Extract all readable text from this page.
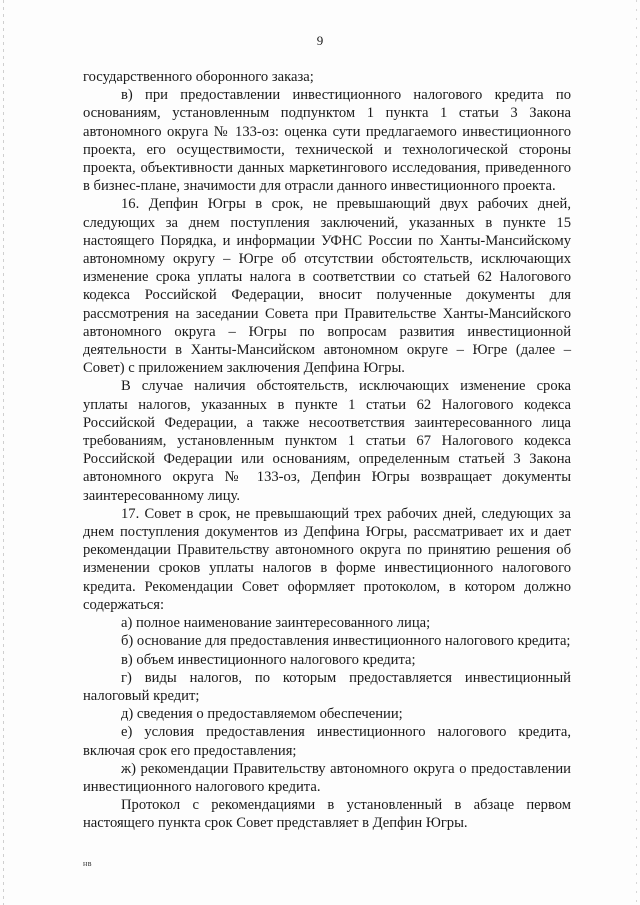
9

государственного оборонного заказа;

в) при предоставлении инвестиционного налогового кредита по основаниям, установленным подпунктом 1 пункта 1 статьи 3 Закона автономного округа № 133-оз: оценка сути предлагаемого инвестиционного проекта, его осуществимости, технической и технологической стороны проекта, объективности данных маркетингового исследования, приведенного в бизнес-плане, значимости для отрасли данного инвестиционного проекта.

16. Депфин Югры в срок, не превышающий двух рабочих дней, следующих за днем поступления заключений, указанных в пункте 15 настоящего Порядка, и информации УФНС России по Ханты-Мансийскому автономному округу – Югре об отсутствии обстоятельств, исключающих изменение срока уплаты налога в соответствии со статьей 62 Налогового кодекса Российской Федерации, вносит полученные документы для рассмотрения на заседании Совета при Правительстве Ханты-Мансийского автономного округа – Югры по вопросам развития инвестиционной деятельности в Ханты-Мансийском автономном округе – Югре (далее – Совет) с приложением заключения Депфина Югры.

В случае наличия обстоятельств, исключающих изменение срока уплаты налогов, указанных в пункте 1 статьи 62 Налогового кодекса Российской Федерации, а также несоответствия заинтересованного лица требованиям, установленным пунктом 1 статьи 67 Налогового кодекса Российской Федерации или основаниям, определенным статьей 3 Закона автономного округа № 133-оз, Депфин Югры возвращает документы заинтересованному лицу.

17. Совет в срок, не превышающий трех рабочих дней, следующих за днем поступления документов из Депфина Югры, рассматривает их и дает рекомендации Правительству автономного округа по принятию решения об изменении сроков уплаты налогов в форме инвестиционного налогового кредита. Рекомендации Совет оформляет протоколом, в котором должно содержаться:

а) полное наименование заинтересованного лица;

б) основание для предоставления инвестиционного налогового кредита;

в) объем инвестиционного налогового кредита;

г) виды налогов, по которым предоставляется инвестиционный налоговый кредит;

д) сведения о предоставляемом обеспечении;

е) условия предоставления инвестиционного налогового кредита, включая срок его предоставления;

ж) рекомендации Правительству автономного округа о предоставлении инвестиционного налогового кредита.

Протокол с рекомендациями в установленный в абзаце первом настоящего пункта срок Совет представляет в Депфин Югры.

нв
